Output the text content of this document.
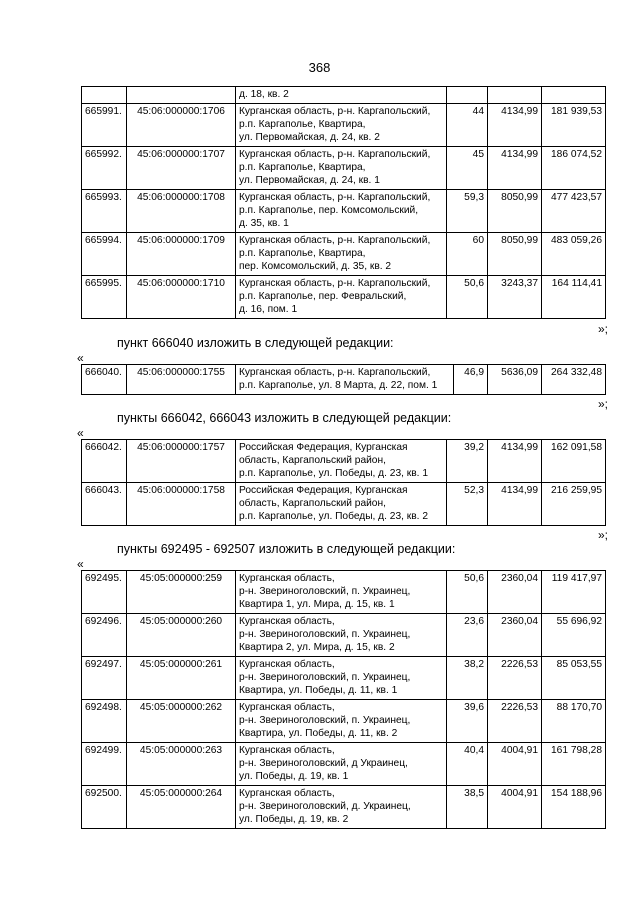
368
		д. 18, кв. 2			
665991.	45:06:000000:1706	Курганская область, р-н. Каргапольский,
р.п. Каргаполье, Квартира,
ул. Первомайская, д. 24, кв. 2	44	4134,99	181 939,53
665992.	45:06:000000:1707	Курганская область, р-н. Каргапольский,
р.п. Каргаполье, Квартира,
ул. Первомайская, д. 24, кв. 1	45	4134,99	186 074,52
665993.	45:06:000000:1708	Курганская область, р-н. Каргапольский,
р.п. Каргаполье, пер. Комсомольский,
д. 35, кв. 1	59,3	8050,99	477 423,57
665994.	45:06:000000:1709	Курганская область, р-н. Каргапольский,
р.п. Каргаполье, Квартира,
пер. Комсомольский, д. 35, кв. 2	60	8050,99	483 059,26
665995.	45:06:000000:1710	Курганская область, р-н. Каргапольский,
р.п. Каргаполье, пер. Февральский,
д. 16, пом. 1	50,6	3243,37	164 114,41
»;
пункт 666040 изложить в следующей редакции:
«
666040.	45:06:000000:1755	Курганская область, р-н. Каргапольский,
р.п. Каргаполье, ул. 8 Марта, д. 22, пом. 1
	46,9	5636,09	264 332,48
»;
пункты 666042, 666043 изложить в следующей редакции:
«
666042.	45:06:000000:1757	Российская Федерация, Курганская
область, Каргапольский район,
р.п. Каргаполье, ул. Победы, д. 23, кв. 1	39,2	4134,99	162 091,58
666043.	45:06:000000:1758	Российская Федерация, Курганская
область, Каргапольский район,
р.п. Каргаполье, ул. Победы, д. 23, кв. 2	52,3	4134,99	216 259,95
»;
пункты 692495 - 692507 изложить в следующей редакции:
«
692495.	45:05:000000:259	Курганская область,
р-н. Звериноголовский, п. Украинец,
Квартира 1, ул. Мира, д. 15, кв. 1	50,6	2360,04	119 417,97
692496.	45:05:000000:260	Курганская область,
р-н. Звериноголовский, п. Украинец,
Квартира 2, ул. Мира, д. 15, кв. 2	23,6	2360,04	55 696,92
692497.	45:05:000000:261	Курганская область,
р-н. Звериноголовский, п. Украинец,
Квартира, ул. Победы, д. 11, кв. 1	38,2	2226,53	85 053,55
692498.	45:05:000000:262	Курганская область,
р-н. Звериноголовский, п. Украинец,
Квартира, ул. Победы, д. 11, кв. 2	39,6	2226,53	88 170,70
692499.	45:05:000000:263	Курганская область,
р-н. Звериноголовский, д Украинец,
ул. Победы, д. 19, кв. 1	40,4	4004,91	161 798,28
692500.	45:05:000000:264	Курганская область,
р-н. Звериноголовский, д. Украинец,
ул. Победы, д. 19, кв. 2	38,5	4004,91	154 188,96
